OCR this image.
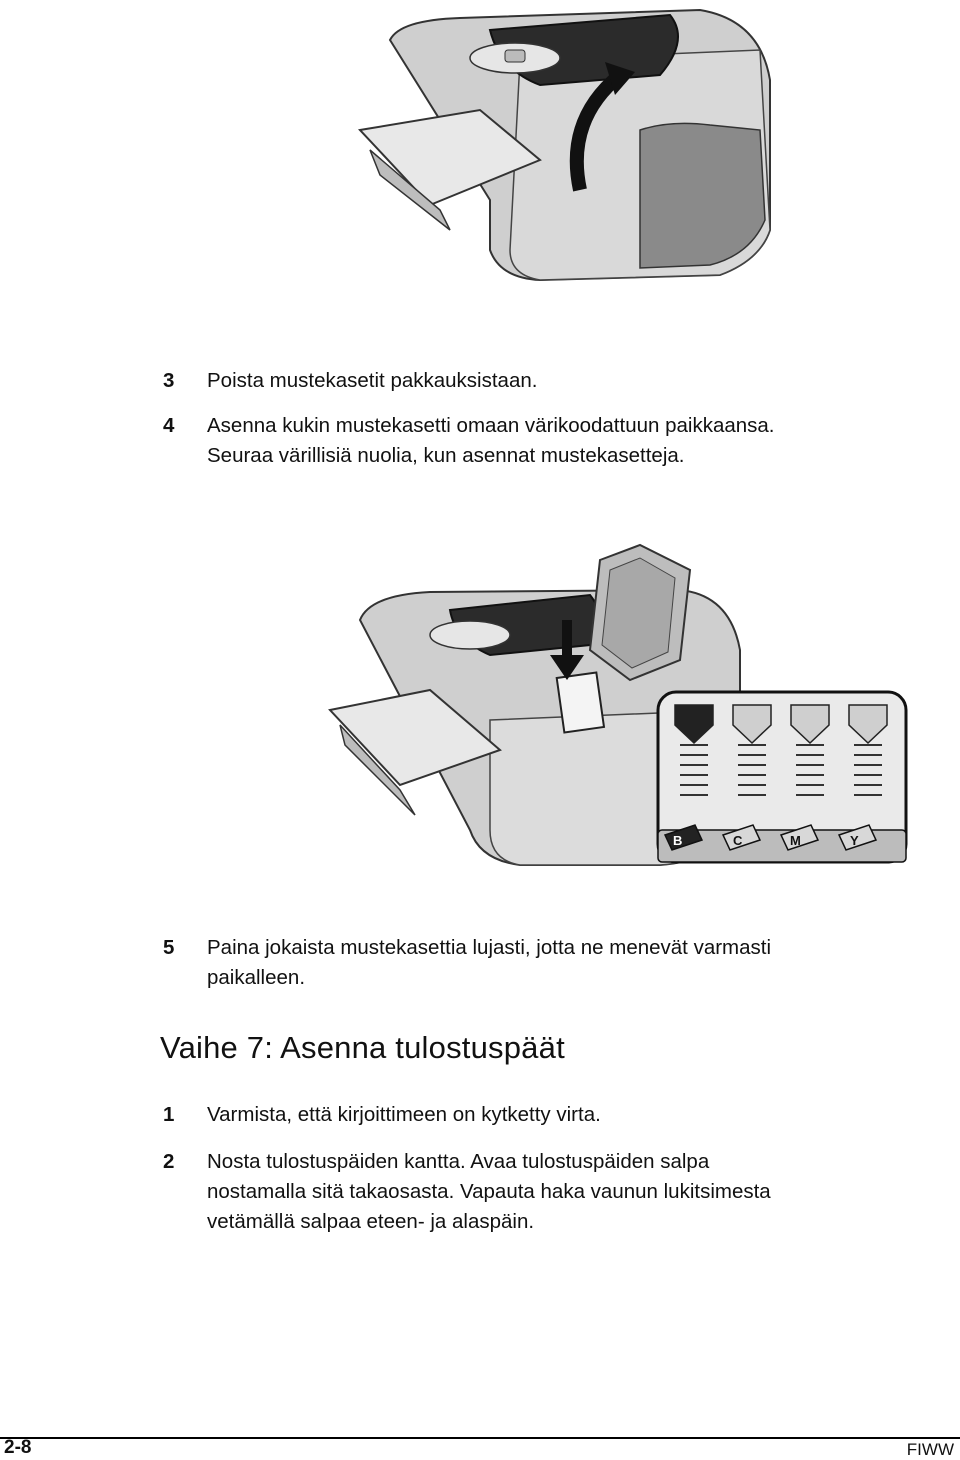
3 Poista mustekasetit pakkauksistaan.
4 Asenna kukin mustekasetti omaan värikoodattuun paikkaansa.
Seuraa värillisiä nuolia, kun asennat mustekasetteja.
B	C	M	Y
5 Paina jokaista mustekasettia lujasti, jotta ne menevät varmasti
paikalleen.
Vaihe 7: Asenna tulostuspäät
1 Varmista, että kirjoittimeen on kytketty virta.
2 Nosta tulostuspäiden kantta. Avaa tulostuspäiden salpa
nostamalla sitä takaosasta. Vapauta haka vaunun lukitsimesta
vetämällä salpaa eteen- ja alaspäin.
2-8	FIWW
